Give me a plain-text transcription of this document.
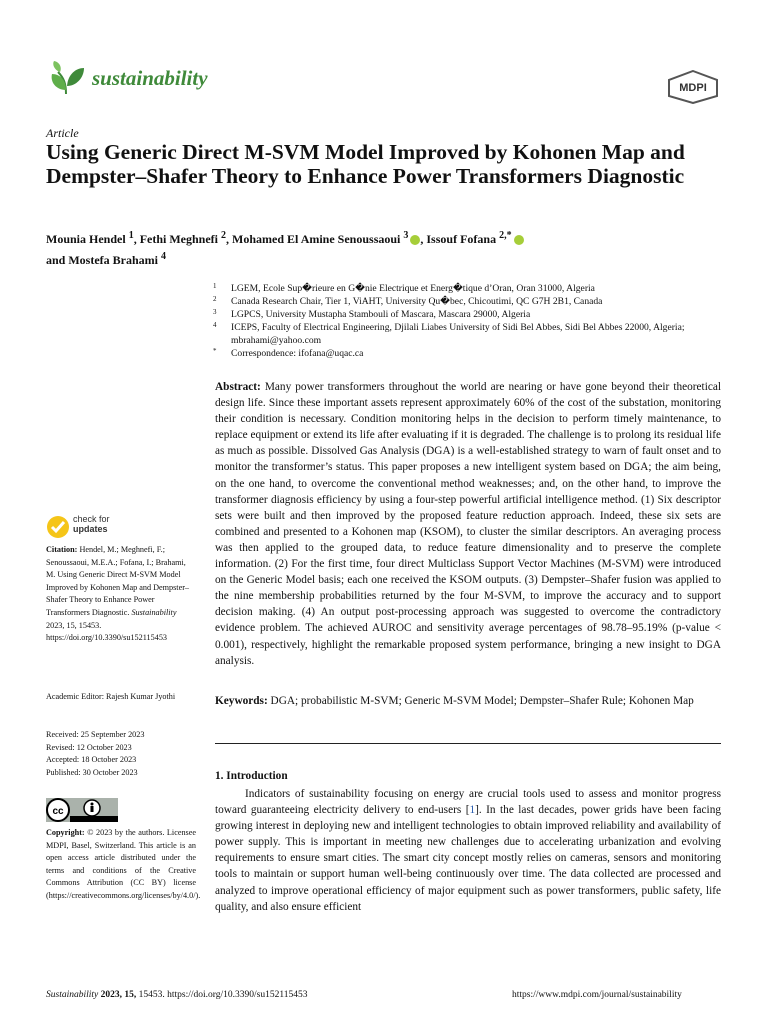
sustainability	MDPI
Article
Using Generic Direct M-SVM Model Improved by Kohonen Map and Dempster–Shafer Theory to Enhance Power Transformers Diagnostic
Mounia Hendel $^1$, Fethi Meghnefi $^2$, Mohamed El Amine Senoussaoui $^3$ , Issouf Fofana $^{2,*}$
and Mostefa Brahami $^4$
1 LGEM, Ecole Sup�rieure en G�nie Electrique et Energ�tique d’Oran, Oran 31000, Algeria
2 Canada Research Chair, Tier 1, ViAHT, University Qu�bec, Chicoutimi, QC G7H 2B1, Canada
3 LGPCS, University Mustapha Stambouli of Mascara, Mascara 29000, Algeria
4 ICEPS, Faculty of Electrical Engineering, Djilali Liabes University of Sidi Bel Abbes, Sidi Bel Abbes 22000, Algeria; mbrahami@yahoo.com
* Correspondence: ifofana@uqac.ca
Abstract: Many power transformers throughout the world are nearing or have gone beyond their theoretical design life. Since these important assets represent approximately 60% of the cost of the substation, monitoring their condition is necessary. Condition monitoring helps in the decision to perform timely maintenance, to replace equipment or extend its life after evaluating if it is degraded. The challenge is to prolong its residual life as much as possible. Dissolved Gas Analysis (DGA) is a well-established strategy to warn of fault onset and to monitor the transformer’s status. This paper proposes a new intelligent system based on DGA; the aim being, on the one hand, to overcome the conventional method weaknesses; and, on the other hand, to improve the transformer diagnosis efficiency by using a four-step powerful artificial intelligence method. (1) Six descriptor sets were built and then improved by the proposed feature reduction approach. Indeed, these six sets are combined and presented to a Kohonen map (KSOM), to cluster the similar descriptors. An averaging process was then applied to the grouped data, to reduce feature dimensionality and to preserve the complete information. (2) For the first time, four direct Multiclass Support Vector Machines (M-SVM) were introduced on the Generic Model basis; each one received the KSOM outputs. (3) Dempster–Shafer fusion was applied to the nine membership probabilities returned by the four M-SVM, to improve the accuracy and to support decision making. (4) An output post-processing approach was suggested to overcome the contradictory evidence problem. The achieved AUROC and sensitivity average percentages of 98.78–95.19% (p-value < 0.001), respectively, highlight the remarkable proposed system performance, bringing a new insight to DGA analysis.
Keywords: DGA; probabilistic M-SVM; Generic M-SVM Model; Dempster–Shafer Rule; Kohonen Map
1. Introduction
Indicators of sustainability focusing on energy are crucial tools used to assess and monitor progress toward guaranteeing electricity delivery to end-users [1]. In the last decades, power grids have been facing growing interest in deploying new and intelligent technologies to obtain improved reliability and availability of power supply. This is important in meeting new challenges due to accelerating urbanization and evolving requirements to ensure smart cities. The smart city concept mostly relies on cameras, sensors and monitoring tools to maintain or support human well-being continuously over time. The data collected are processed and analyzed to improve operational efficiency of major equipment such as power transformers, public safety, life quality, and also ensure efficient
check for
updates
Citation: Hendel, M.; Meghnefi, F.; Senoussaoui, M.E.A.; Fofana, I.; Brahami, M. Using Generic Direct M-SVM Model Improved by Kohonen Map and Dempster–Shafer Theory to Enhance Power Transformers Diagnostic. Sustainability 2023, 15, 15453. https://doi.org/10.3390/su152115453
Academic Editor: Rajesh Kumar Jyothi
Received: 25 September 2023
Revised: 12 October 2023
Accepted: 18 October 2023
Published: 30 October 2023
cc
Copyright: © 2023 by the authors. Licensee MDPI, Basel, Switzerland. This article is an open access article distributed under the terms and conditions of the Creative Commons Attribution (CC BY) license (https://creativecommons.org/licenses/by/4.0/).
Sustainability 2023, 15, 15453. https://doi.org/10.3390/su152115453	https://www.mdpi.com/journal/sustainability
